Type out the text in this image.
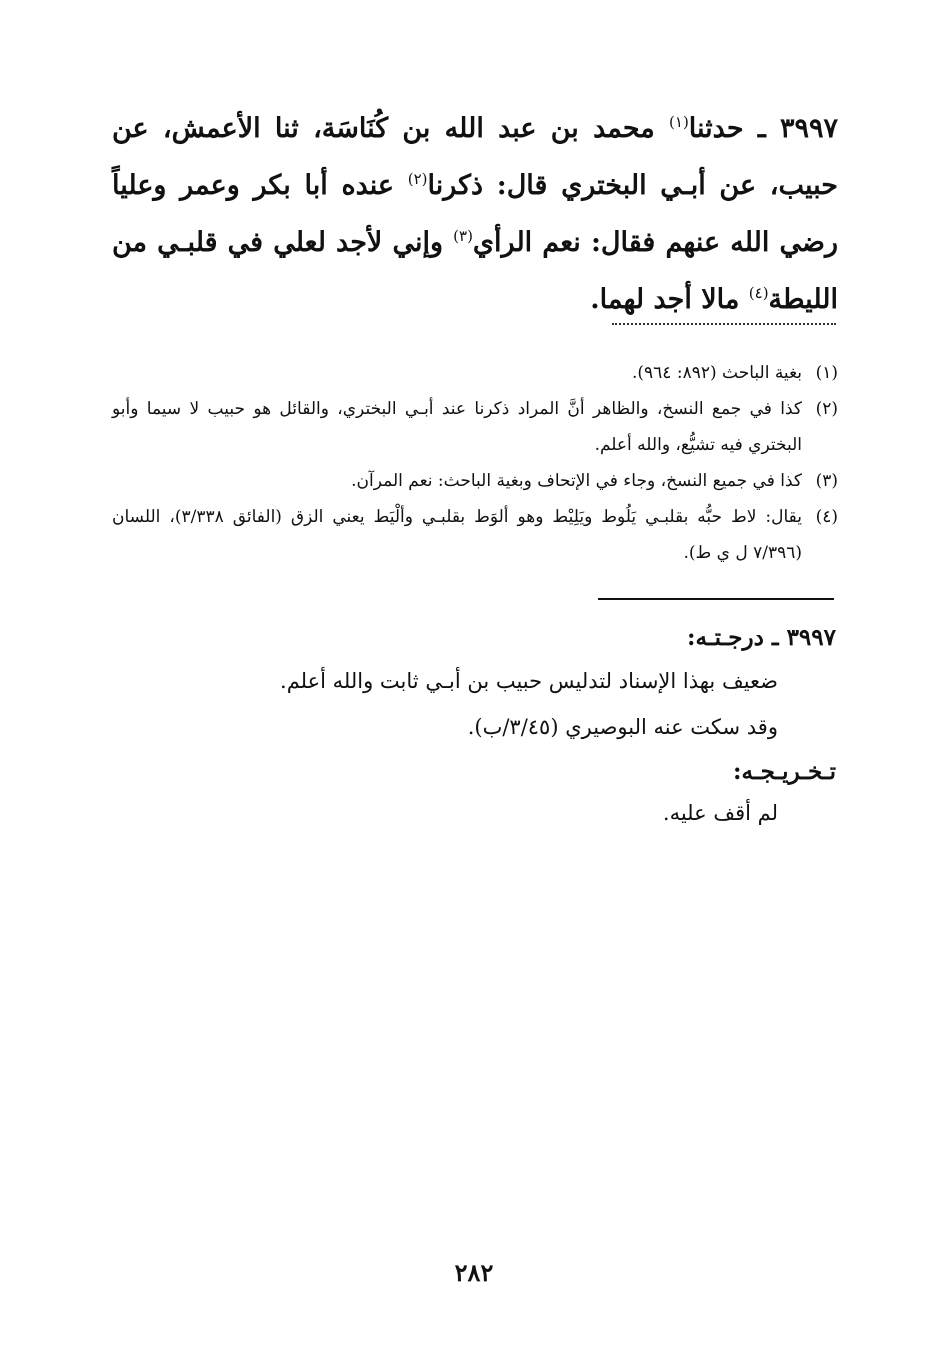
٣٩٩٧ ـ حدثنا$^{(١)}$ محمد بن عبد الله بن كُنَاسَة، ثنا الأعمش، عن حبيب، عن أبـي البختري قال: ذكرنا$^{(٢)}$ عنده أبا بكر وعمر وعلياً رضي الله عنهم فقال: نعم الرأي$^{(٣)}$ وإني لأجد لعلي في قلبـي من الليطة$^{(٤)}$ مالا أجد لهما.
(١)
بغية الباحث (٨٩٢: ٩٦٤).
(٢)
كذا في جمع النسخ، والظاهر أنَّ المراد ذكرنا عند أبـي البختري، والقائل هو حبيب لا سيما وأبو البختري فيه تشيُّع، والله أعلم.
(٣)
كذا في جميع النسخ، وجاء في الإتحاف وبغية الباحث: نعم المرآن.
(٤)
يقال: لاط حبُّه بقلبـي يَلُوط ويَلِيْط وهو ألوَط بقلبـي وألْيَط يعني الزق (الفائق ٣/٣٣٨)، اللسان (٧/٣٩٦ ل ي ط).
٣٩٩٧ ـ درجـتـه:
ضعيف بهذا الإسناد لتدليس حبيب بن أبـي ثابت والله أعلم.
وقد سكت عنه البوصيري (٣/٤٥/ب).
تـخـريـجـه:
لم أقف عليه.
٢٨٢
